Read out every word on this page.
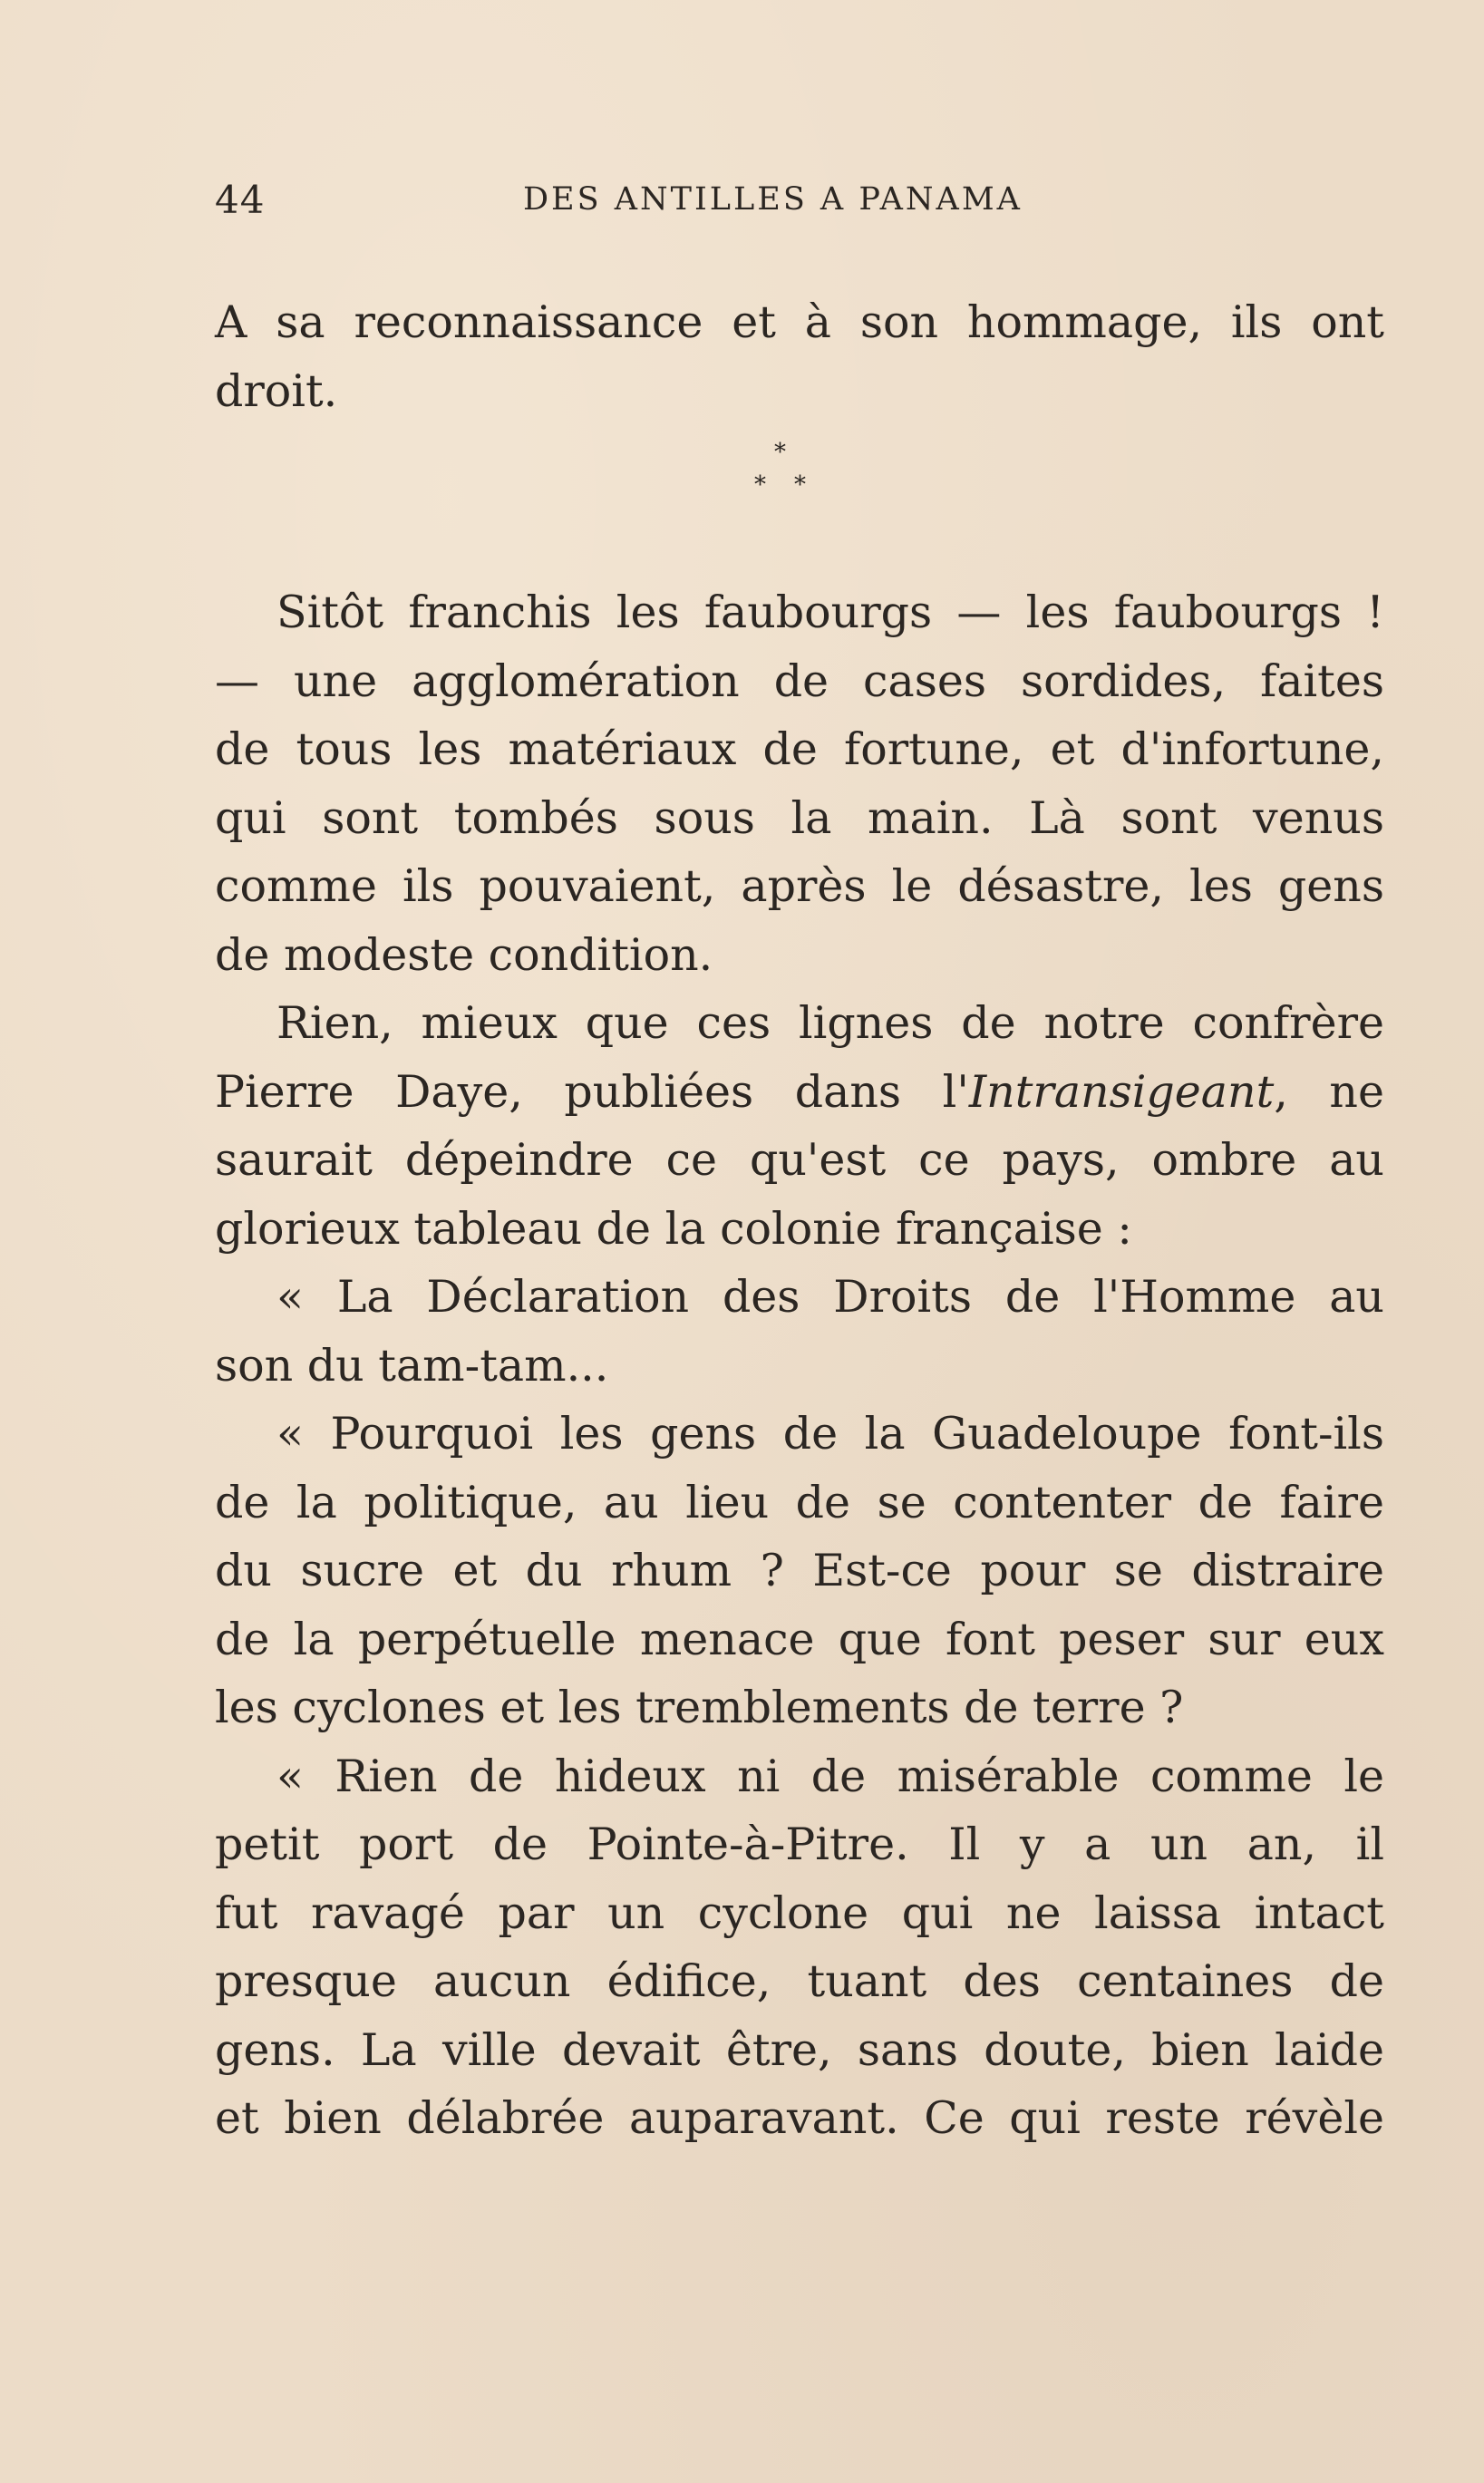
44	DES ANTILLES A PANAMA
*
* *
A sa reconnaissance et à son hommage, ils ont
droit.
Sitôt franchis les faubourgs — les faubourgs !
— une agglomération de cases sordides, faites
de tous les matériaux de fortune, et d'infortune,
qui sont tombés sous la main. Là sont venus
comme ils pouvaient, après le désastre, les gens
de modeste condition.
Rien, mieux que ces lignes de notre confrère
Pierre Daye, publiées dans l'Intransigeant, ne
saurait dépeindre ce qu'est ce pays, ombre au
glorieux tableau de la colonie française :
« La Déclaration des Droits de l'Homme au
son du tam-tam...
« Pourquoi les gens de la Guadeloupe font-ils
de la politique, au lieu de se contenter de faire
du sucre et du rhum ? Est-ce pour se distraire
de la perpétuelle menace que font peser sur eux
les cyclones et les tremblements de terre ?
« Rien de hideux ni de misérable comme le
petit port de Pointe-à-Pitre. Il y a un an, il
fut ravagé par un cyclone qui ne laissa intact
presque aucun édifice, tuant des centaines de
gens. La ville devait être, sans doute, bien laide
et bien délabrée auparavant. Ce qui reste révèle
